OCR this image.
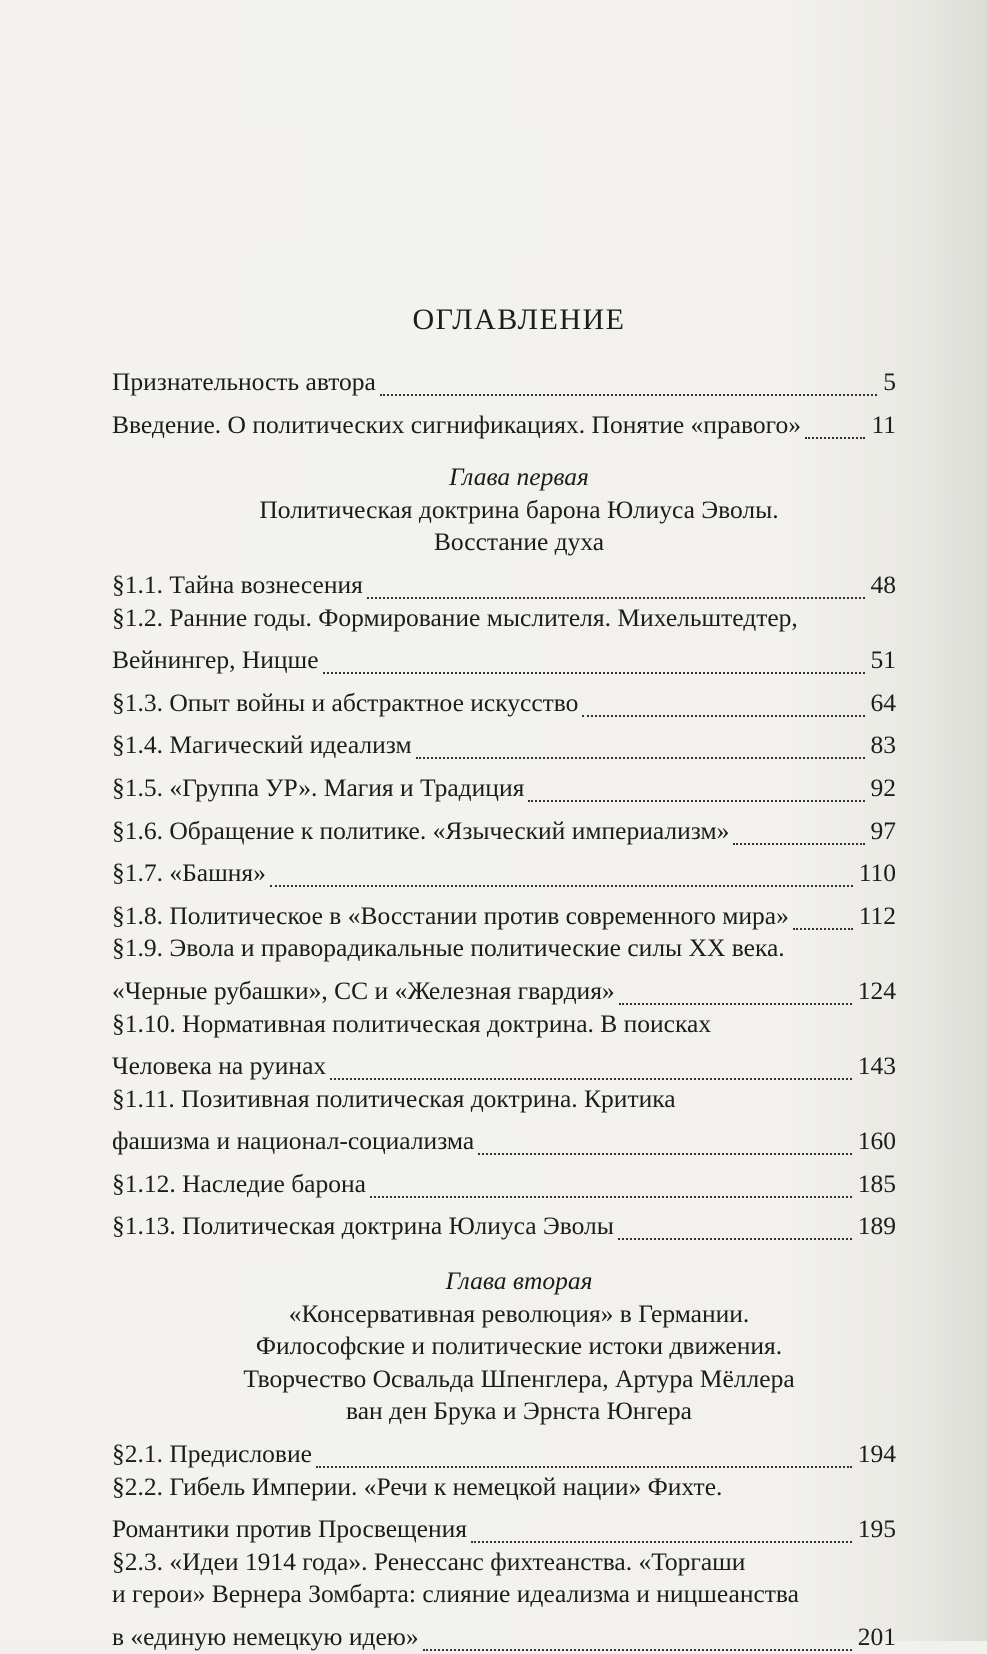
ОГЛАВЛЕНИЕ
Признательность автора	5
Введение. О политических сигнификациях. Понятие «правого»	11
Глава первая
Политическая доктрина барона Юлиуса Эволы.
Восстание духа
§1.1. Тайна вознесения	48
§1.2. Ранние годы. Формирование мыслителя. Михельштедтер,
Вейнингер, Ницше	51
§1.3. Опыт войны и абстрактное искусство	64
§1.4. Магический идеализм	83
§1.5. «Группа УР». Магия и Традиция	92
§1.6. Обращение к политике. «Языческий империализм»	97
§1.7. «Башня»	110
§1.8. Политическое в «Восстании против современного мира»	112
§1.9. Эвола и праворадикальные политические силы XX века.
«Черные рубашки», СС и «Железная гвардия»	124
§1.10. Нормативная политическая доктрина. В поисках
Человека на руинах	143
§1.11. Позитивная политическая доктрина. Критика
фашизма и национал-социализма	160
§1.12. Наследие барона	185
§1.13. Политическая доктрина Юлиуса Эволы	189
Глава вторая
«Консервативная революция» в Германии.
Философские и политические истоки движения.
Творчество Освальда Шпенглера, Артура Мёллера
ван ден Брука и Эрнста Юнгера
§2.1. Предисловие	194
§2.2. Гибель Империи. «Речи к немецкой нации» Фихте.
Романтики против Просвещения	195
§2.3. «Идеи 1914 года». Ренессанс фихтеанства. «Торгаши
и герои» Вернера Зомбарта: слияние идеализма и ницшеанства
в «единую немецкую идею»	201
